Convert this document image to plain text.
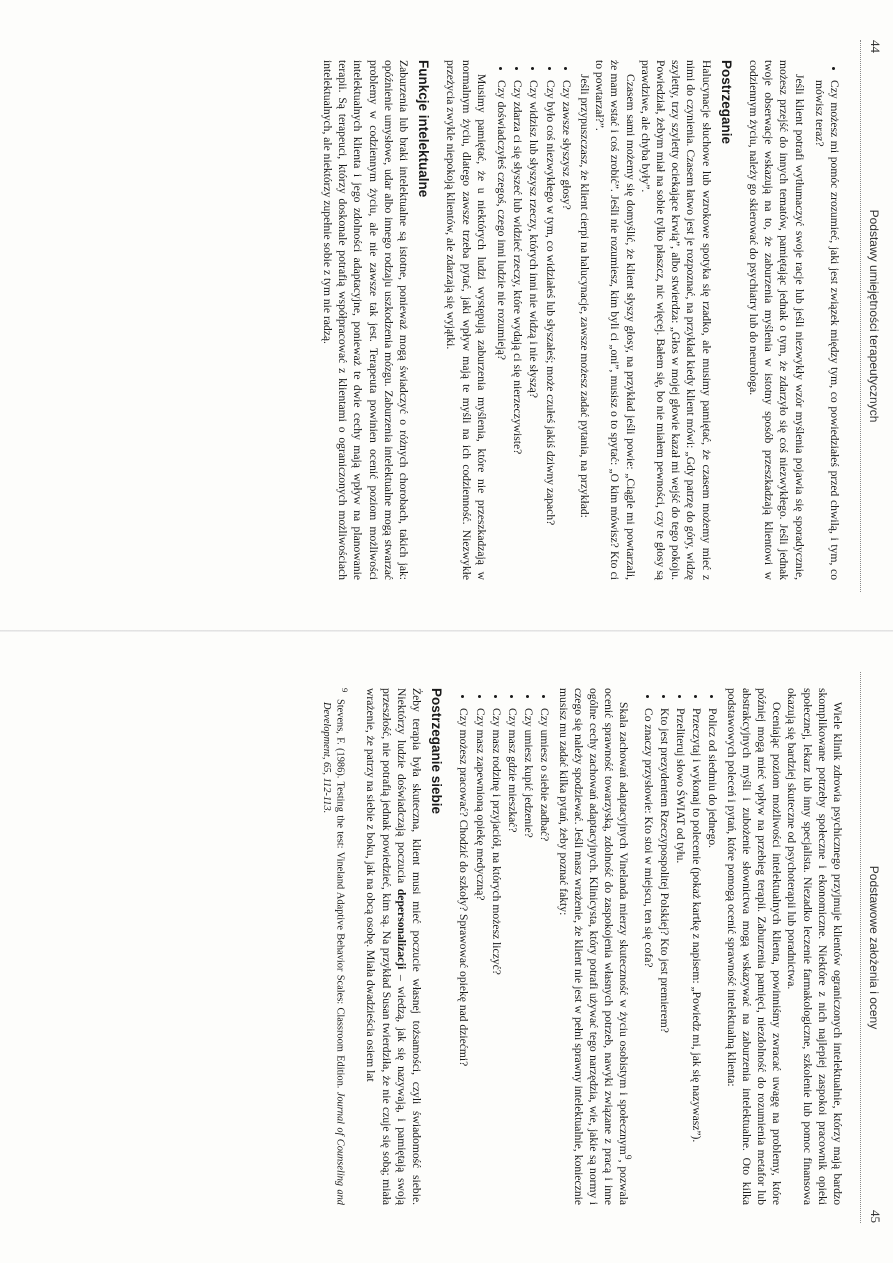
44
Podstawy umiejętności terapeutycznych
• Czy możesz mi pomóc zrozumieć, jaki jest związek między tym, co powiedziałeś przed chwilą, i tym, co mówisz teraz?

Jeśli klient potrafi wytłumaczyć swoje racje lub jeśli niezwykły wzór myślenia pojawia się sporadycznie, możesz przejść do innych tematów, pamiętając jednak o tym, że zdarzyło się coś niezwykłego. Jeśli jednak twoje obserwacje wskazują na to, że zaburzenia myślenia w istotny sposób przeszkadzają klientowi w codziennym życiu, należy go skierować do psychiatry lub do neurologa.

Postrzeganie

Halucynacje słuchowe lub wzrokowe spotyka się rzadko, ale musimy pamiętać, że czasem możemy mieć z nimi do czynienia. Czasem łatwo jest je rozpoznać, na przykład kiedy klient mówi: „Gdy patrzę do góry, widzę szyletty, trzy szyletty ociekające krwią”, albo stwierdza: „Głos w mojej głowie kazał mi wejść do tego pokoju. Powiedział, żebym miał na sobie tylko płaszcz, nic więcej. Bałem się, bo nie miałem pewności, czy te głosy są prawdziwe, ale chyba były”.

Czasem sami możemy się domyślić, że klient słyszy głosy, na przykład jeśli powie: „Ciągle mi powtarzali, że mam wstać i coś zrobić”. Jeśli nie rozumiesz, kim byli ci „oni”, musisz o to spytać: „O kim mówisz? Kto ci to powtarzał?”.

Jeśli przypuszczasz, że klient cierpi na halucynacje, zawsze możesz zadać pytania, na przykład:

• Czy zawsze słyszysz głosy?
• Czy było coś niezwykłego w tym, co widziałeś lub słyszałeś; może czułeś jakiś dziwny zapach?
• Czy widzisz lub słyszysz rzeczy, których inni nie widzą i nie słyszą?
• Czy zdarza ci się słyszeć lub widzieć rzeczy, które wydają ci się nierzeczywiste?
• Czy doświadczyłeś czegoś, czego inni ludzie nie rozumieją?

Musimy pamiętać, że u niektórych ludzi występują zaburzenia myślenia, które nie przeszkadzają w normalnym życiu, dlatego zawsze trzeba pytać, jaki wpływ mają te myśli na ich codzienność. Niezwykłe przeżycia zwykle niepokoją klientów, ale zdarzają się wyjątki.

Funkcje intelektualne

Zaburzenia lub braki intelektualne są istotne, ponieważ mogą świadczyć o różnych chorobach, takich jak: opóźnienie umysłowe, udar albo innego rodzaju uszkodzenia mózgu. Zaburzenia intelektualne mogą stwarzać problemy w codziennym życiu, ale nie zawsze tak jest. Terapeuta powinien ocenić poziom możliwości intelektualnych klienta i jego zdolności adaptacyjne, ponieważ te dwie cechy mają wpływ na planowanie terapii. Są terapeuci, którzy doskonale potrafią współpracować z klientami o ograniczonych możliwościach intelektualnych, ale niektórzy zupełnie sobie z tym nie radzą.

Podstawowe założenia i oceny
45

Wiele klinik zdrowia psychicznego przyjmuje klientów ograniczonych intelektualnie, którzy mają bardzo skomplikowane potrzeby społeczne i ekonomiczne. Niektóre z nich najlepiej zaspokoi pracownik opieki społecznej, lekarz lub inny specjalista. Niezadko leczenie farmakologiczne, szkolenie lub pomoc finansowa okazują się bardziej skuteczne od psychoterapii lub poradnictwa.

Oceniając poziom możliwości intelektualnych klienta, powinniśmy zwracać uwagę na problemy, które później mogą mieć wpływ na przebieg terapii. Zaburzenia pamięci, niezdolność do rozumienia metafor lub abstrakcyjnych myśli i zubożenie słownictwa mogą wskazywać na zaburzenia intelektualne. Oto kilka podstawowych poleceń i pytań, które pomogą ocenić sprawność intelektualną klienta:

• Policz od siedmiu do jednego.
• Przeczytaj i wykonaj to polecenie (pokaż kartkę z napisem: „Powiedz mi, jak się nazywasz”).
• Przeliteruj słowo ŚWIAT od tyłu.
• Kto jest prezydentem Rzeczypospolitej Polskiej? Kto jest premierem?
• Co znaczy przysłowie: Kto stoi w miejscu, ten się cofa?

Skala zachowań adaptacyjnych Vinelanda mierzy skuteczność w życiu osobistym i społecznym$^9$, pozwala ocenić sprawność towarzyską, zdolność do zaspokojenia własnych potrzeb, nawyki związane z pracą i inne ogólne cechy zachowań adaptacyjnych. Klinicysta, który potrafi używać tego narzędzia, wie, jakie są normy i czego się należy spodziewać. Jeśli masz wrażenie, że klient nie jest w pełni sprawny intelektualnie, koniecznie musisz mu zadać kilka pytań, żeby poznać fakty:

• Czy umiesz o siebie zadbać?
• Czy umiesz kupić jedzenie?
• Czy masz gdzie mieszkać?
• Czy masz rodzinę i przyjaciół, na których możesz liczyć?
• Czy masz zapewnioną opiekę medyczną?
• Czy możesz pracować? Chodzić do szkoły? Sprawować opiekę nad dziećmi?
Postrzeganie siebie

Żeby terapia była skuteczna, klient musi mieć poczucie własnej tożsamości, czyli świadomość siebie. Niektórzy ludzie doświadczają poczucia depersonalizacji – wiedzą, jak się nazywają, i pamiętają swoją przeszłość, nie potrafią jednak powiedzieć, kim są. Na przykład Susan twierdziła, że nie czuje się sobą; miała wrażenie, że patrzy na siebie z boku, jak na obcą osobę. Miała dwadzieścia osiem lat

$^9$  Stevens, F. (1986). Testing the test: Vineland Adaptive Behavior Scales: Classroom Edition. Journal of Counseling and Development, 65, 112-113.
